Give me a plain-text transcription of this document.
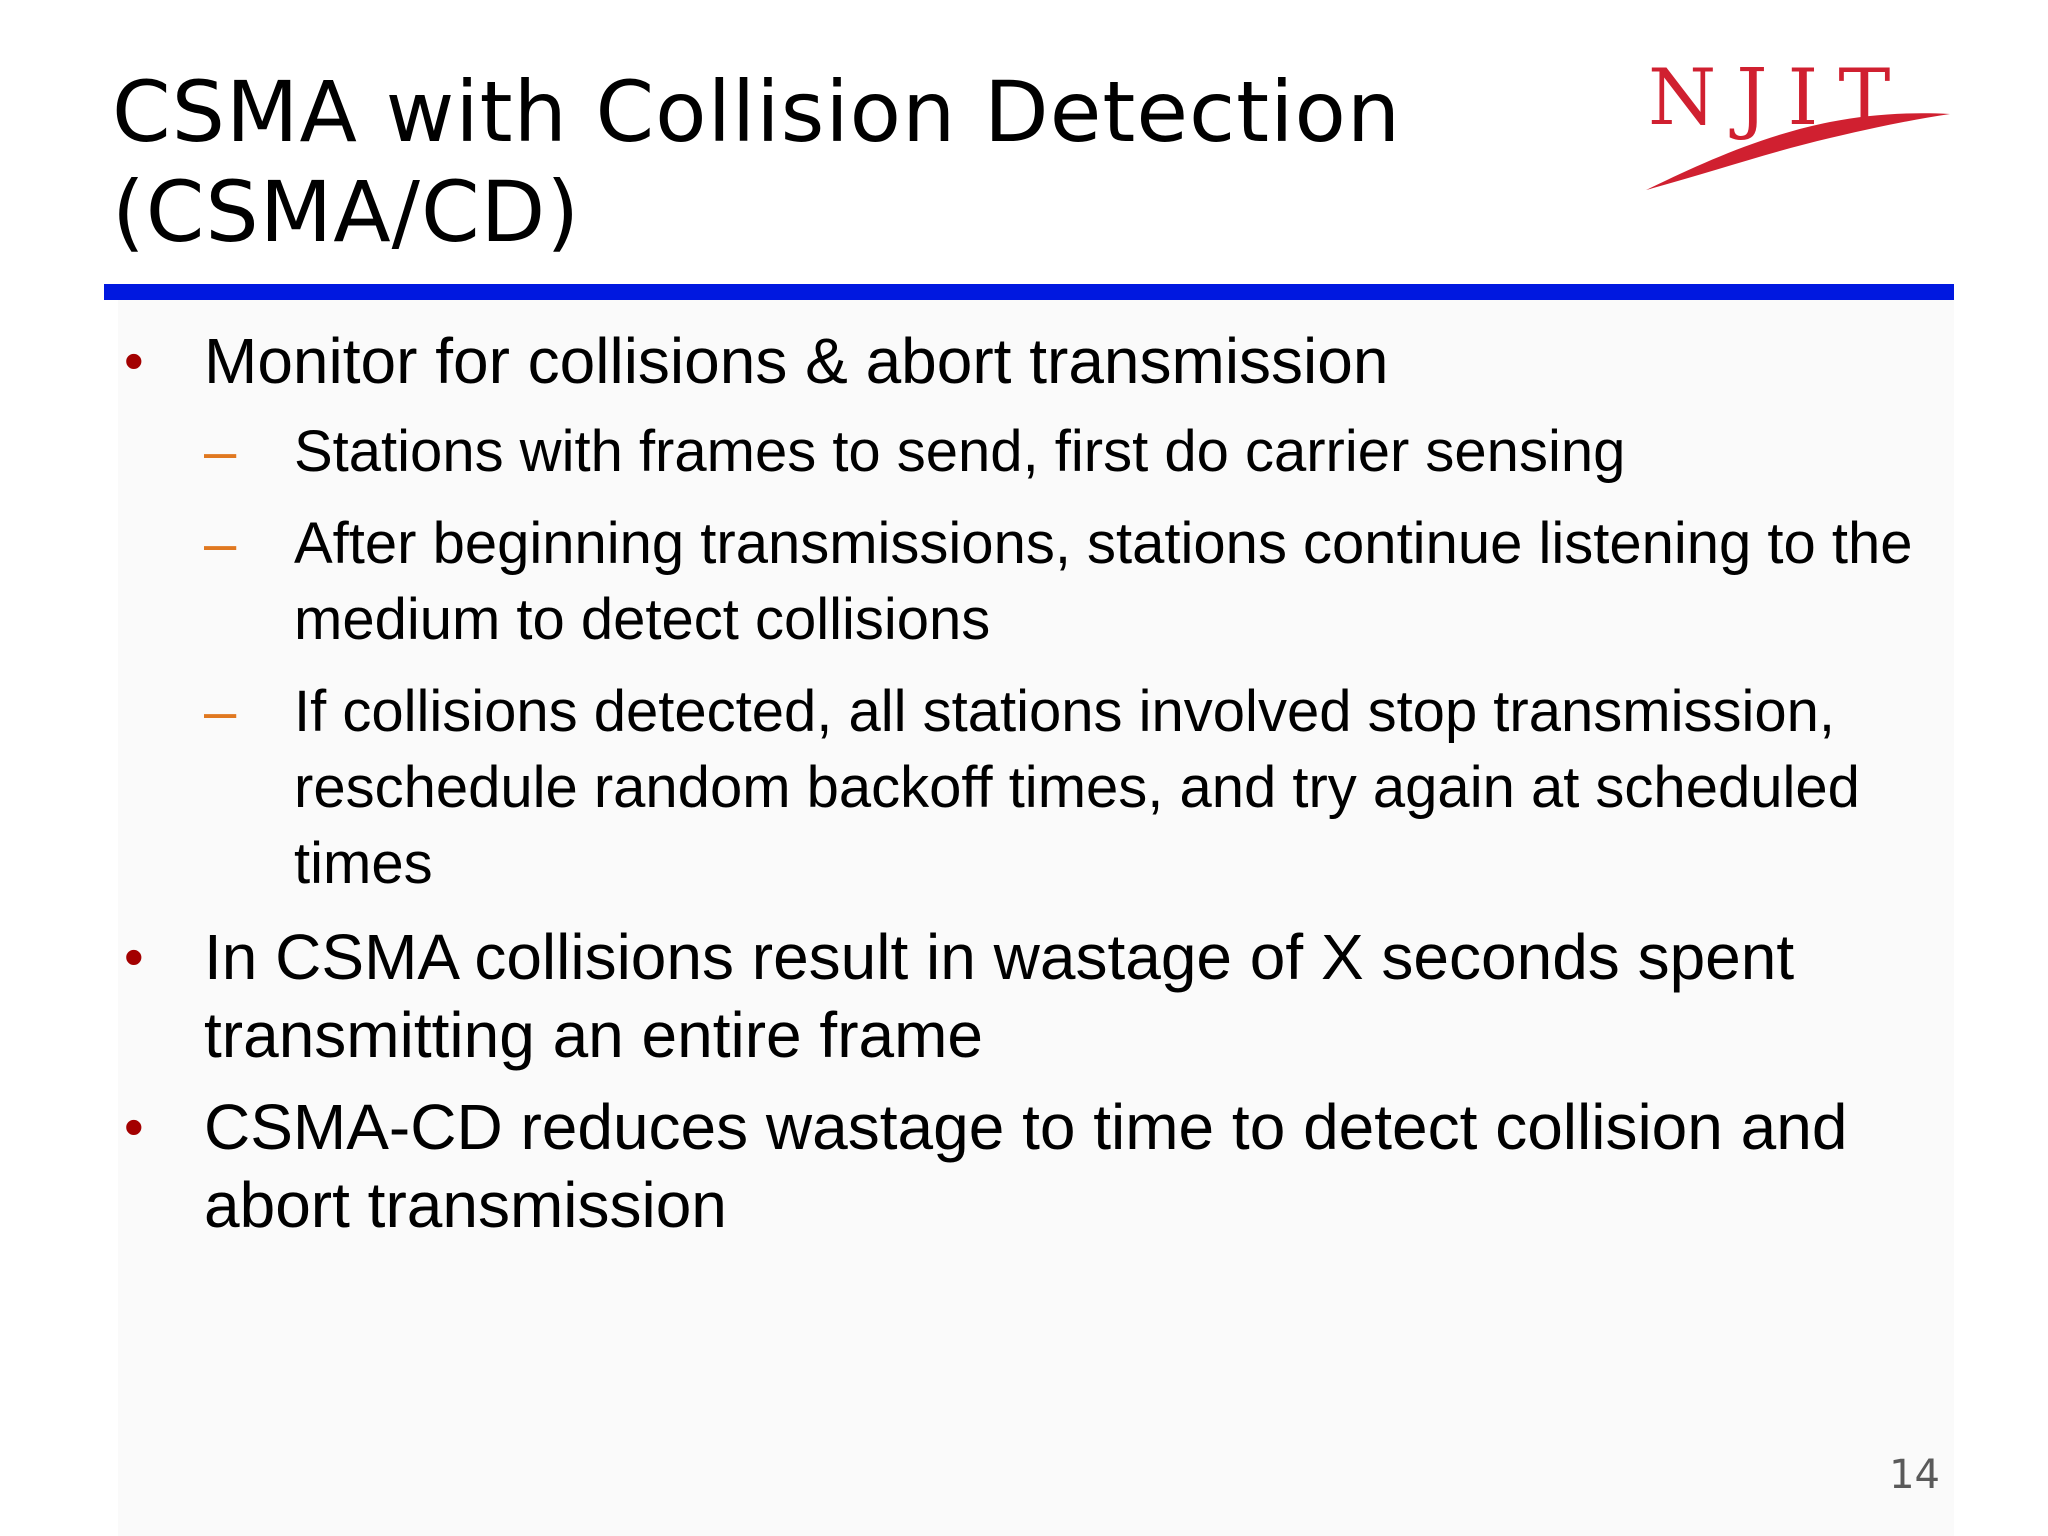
CSMA with Collision Detection
(CSMA/CD)
NJIT
• Monitor for collisions & abort transmission
– Stations with frames to send, first do carrier sensing
– After beginning transmissions, stations continue listening to the medium to detect collisions
– If collisions detected, all stations involved stop transmission, reschedule random backoff times, and try again at scheduled times
• In CSMA collisions result in wastage of X seconds spent transmitting an entire frame
• CSMA-CD reduces wastage to time to detect collision and abort transmission
14
